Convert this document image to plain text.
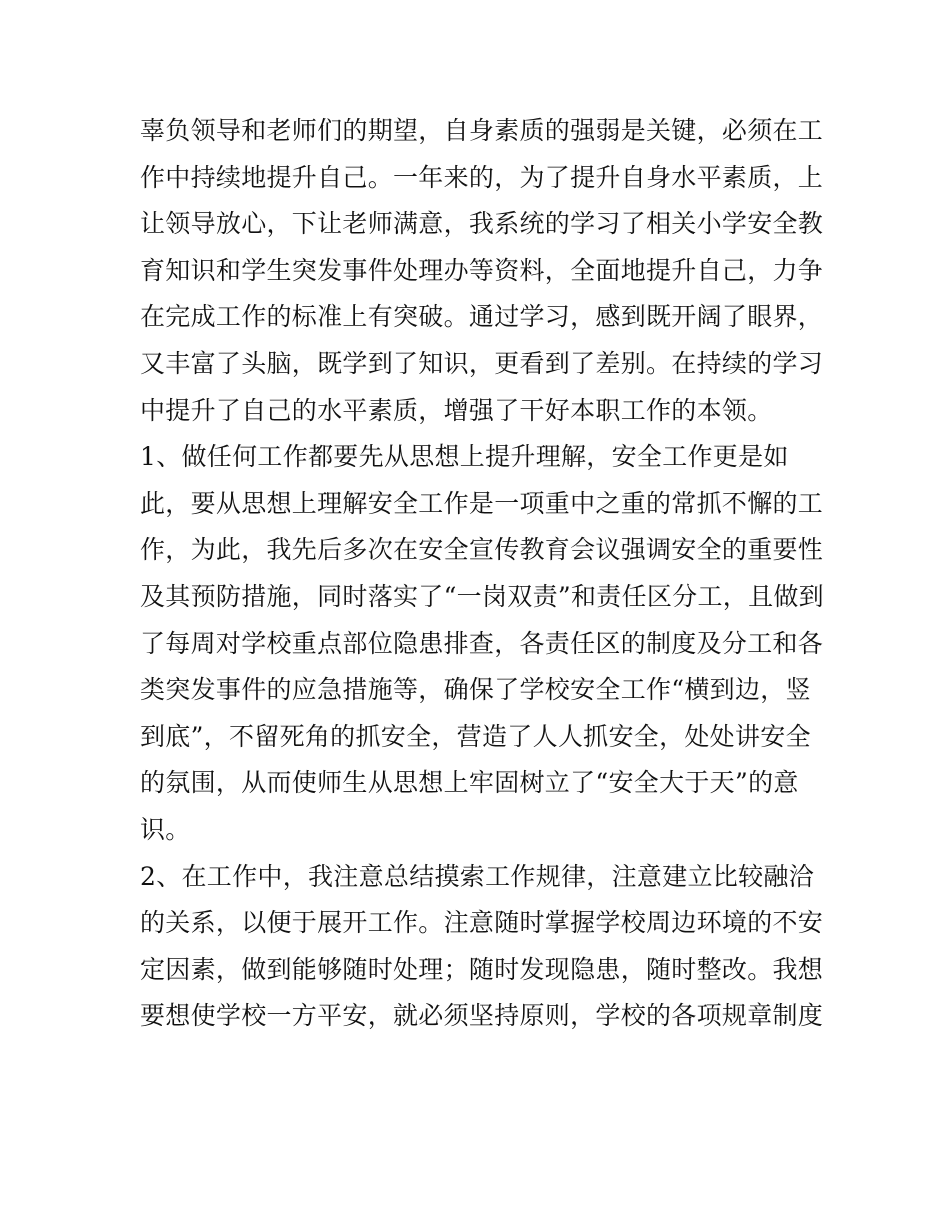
辜负领导和老师们的期望，自身素质的强弱是关键，必须在工
作中持续地提升自己。一年来的，为了提升自身水平素质，上
让领导放心，下让老师满意，我系统的学习了相关小学安全教
育知识和学生突发事件处理办等资料，全面地提升自己，力争
在完成工作的标准上有突破。通过学习，感到既开阔了眼界，
又丰富了头脑，既学到了知识，更看到了差别。在持续的学习
中提升了自己的水平素质，增强了干好本职工作的本领。
1、做任何工作都要先从思想上提升理解，安全工作更是如
此，要从思想上理解安全工作是一项重中之重的常抓不懈的工
作，为此，我先后多次在安全宣传教育会议强调安全的重要性
及其预防措施，同时落实了“一岗双责”和责任区分工，且做到
了每周对学校重点部位隐患排查，各责任区的制度及分工和各
类突发事件的应急措施等，确保了学校安全工作“横到边，竖
到底”，不留死角的抓安全，营造了人人抓安全，处处讲安全
的氛围，从而使师生从思想上牢固树立了“安全大于天”的意
识。
2、在工作中，我注意总结摸索工作规律，注意建立比较融洽
的关系，以便于展开工作。注意随时掌握学校周边环境的不安
定因素，做到能够随时处理；随时发现隐患，随时整改。我想
要想使学校一方平安，就必须坚持原则，学校的各项规章制度
